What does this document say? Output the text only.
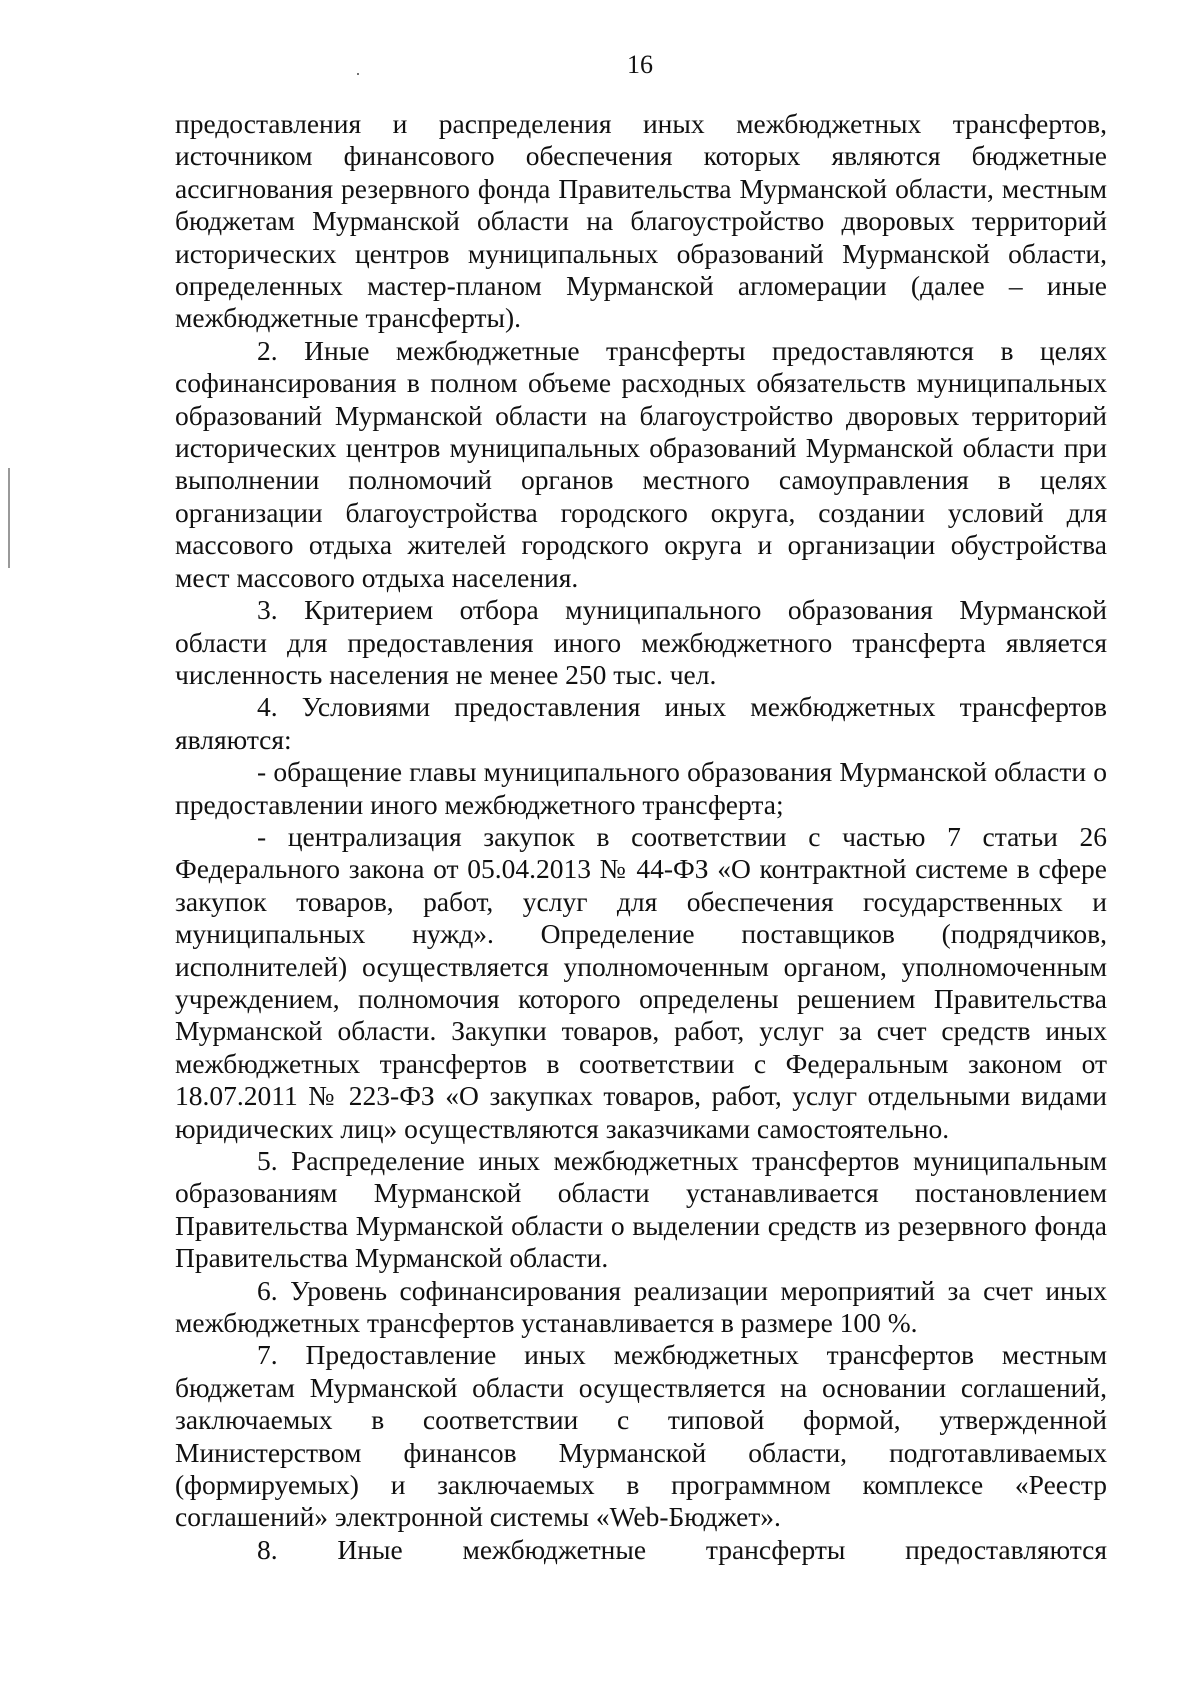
16

предоставления и распределения иных межбюджетных трансфертов, источником финансового обеспечения которых являются бюджетные ассигнования резервного фонда Правительства Мурманской области, местным бюджетам Мурманской области на благоустройство дворовых территорий исторических центров муниципальных образований Мурманской области, определенных мастер-планом Мурманской агломерации (далее – иные межбюджетные трансферты).

2. Иные межбюджетные трансферты предоставляются в целях софинансирования в полном объеме расходных обязательств муниципальных образований Мурманской области на благоустройство дворовых территорий исторических центров муниципальных образований Мурманской области при выполнении полномочий органов местного самоуправления в целях организации благоустройства городского округа, создании условий для массового отдыха жителей городского округа и организации обустройства мест массового отдыха населения.

3. Критерием отбора муниципального образования Мурманской области для предоставления иного межбюджетного трансферта является численность населения не менее 250 тыс. чел.

4. Условиями предоставления иных межбюджетных трансфертов являются:

- обращение главы муниципального образования Мурманской области о предоставлении иного межбюджетного трансферта;

- централизация закупок в соответствии с частью 7 статьи 26 Федерального закона от 05.04.2013 № 44-ФЗ «О контрактной системе в сфере закупок товаров, работ, услуг для обеспечения государственных и муниципальных нужд». Определение поставщиков (подрядчиков, исполнителей) осуществляется уполномоченным органом, уполномоченным учреждением, полномочия которого определены решением Правительства Мурманской области. Закупки товаров, работ, услуг за счет средств иных межбюджетных трансфертов в соответствии с Федеральным законом от 18.07.2011 № 223-ФЗ «О закупках товаров, работ, услуг отдельными видами юридических лиц» осуществляются заказчиками самостоятельно.

5. Распределение иных межбюджетных трансфертов муниципальным образованиям Мурманской области устанавливается постановлением Правительства Мурманской области о выделении средств из резервного фонда Правительства Мурманской области.

6. Уровень софинансирования реализации мероприятий за счет иных межбюджетных трансфертов устанавливается в размере 100 %.

7. Предоставление иных межбюджетных трансфертов местным бюджетам Мурманской области осуществляется на основании соглашений, заключаемых в соответствии с типовой формой, утвержденной Министерством финансов Мурманской области, подготавливаемых (формируемых) и заключаемых в программном комплексе «Реестр соглашений» электронной системы «Web-Бюджет».

8. Иные межбюджетные трансферты предоставляются
